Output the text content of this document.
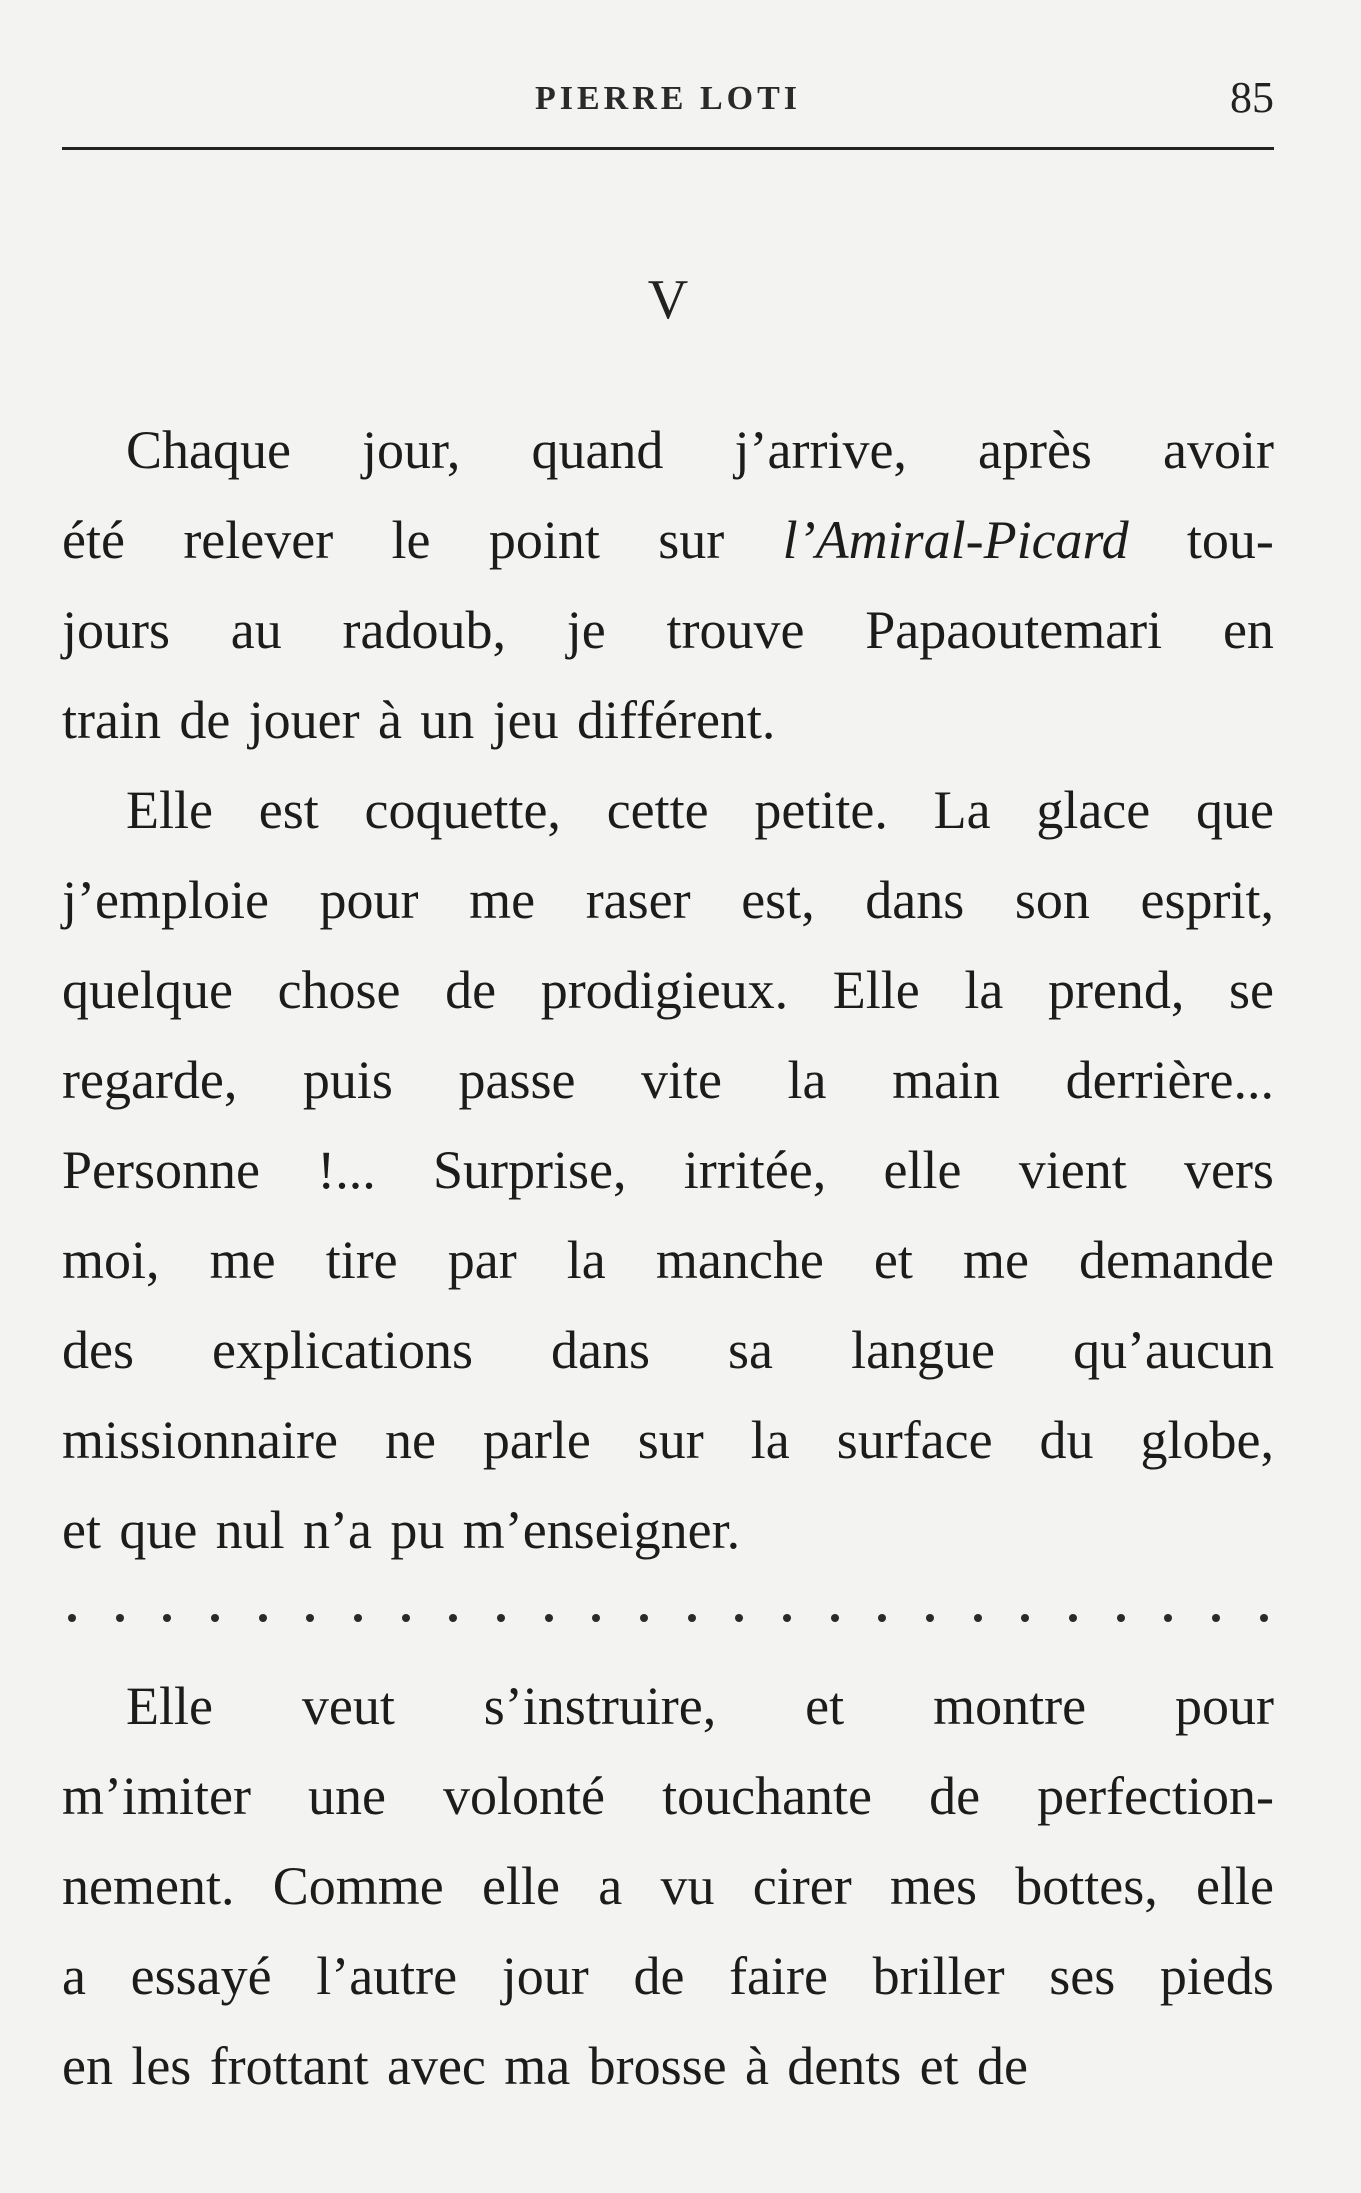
PIERRE LOTI	85
V
Chaque jour, quand j’arrive, après avoir
été relever le point sur l’Amiral-Picard tou-
jours au radoub, je trouve Papaoutemari en
train de jouer à un jeu différent.
Elle est coquette, cette petite. La glace que
j’emploie pour me raser est, dans son esprit,
quelque chose de prodigieux. Elle la prend, se
regarde, puis passe vite la main derrière...
Personne !... Surprise, irritée, elle vient vers
moi, me tire par la manche et me demande
des explications dans sa langue qu’aucun
missionnaire ne parle sur la surface du globe,
et que nul n’a pu m’enseigner.
Elle veut s’instruire, et montre pour
m’imiter une volonté touchante de perfection-
nement. Comme elle a vu cirer mes bottes, elle
a essayé l’autre jour de faire briller ses pieds
en les frottant avec ma brosse à dents et de
